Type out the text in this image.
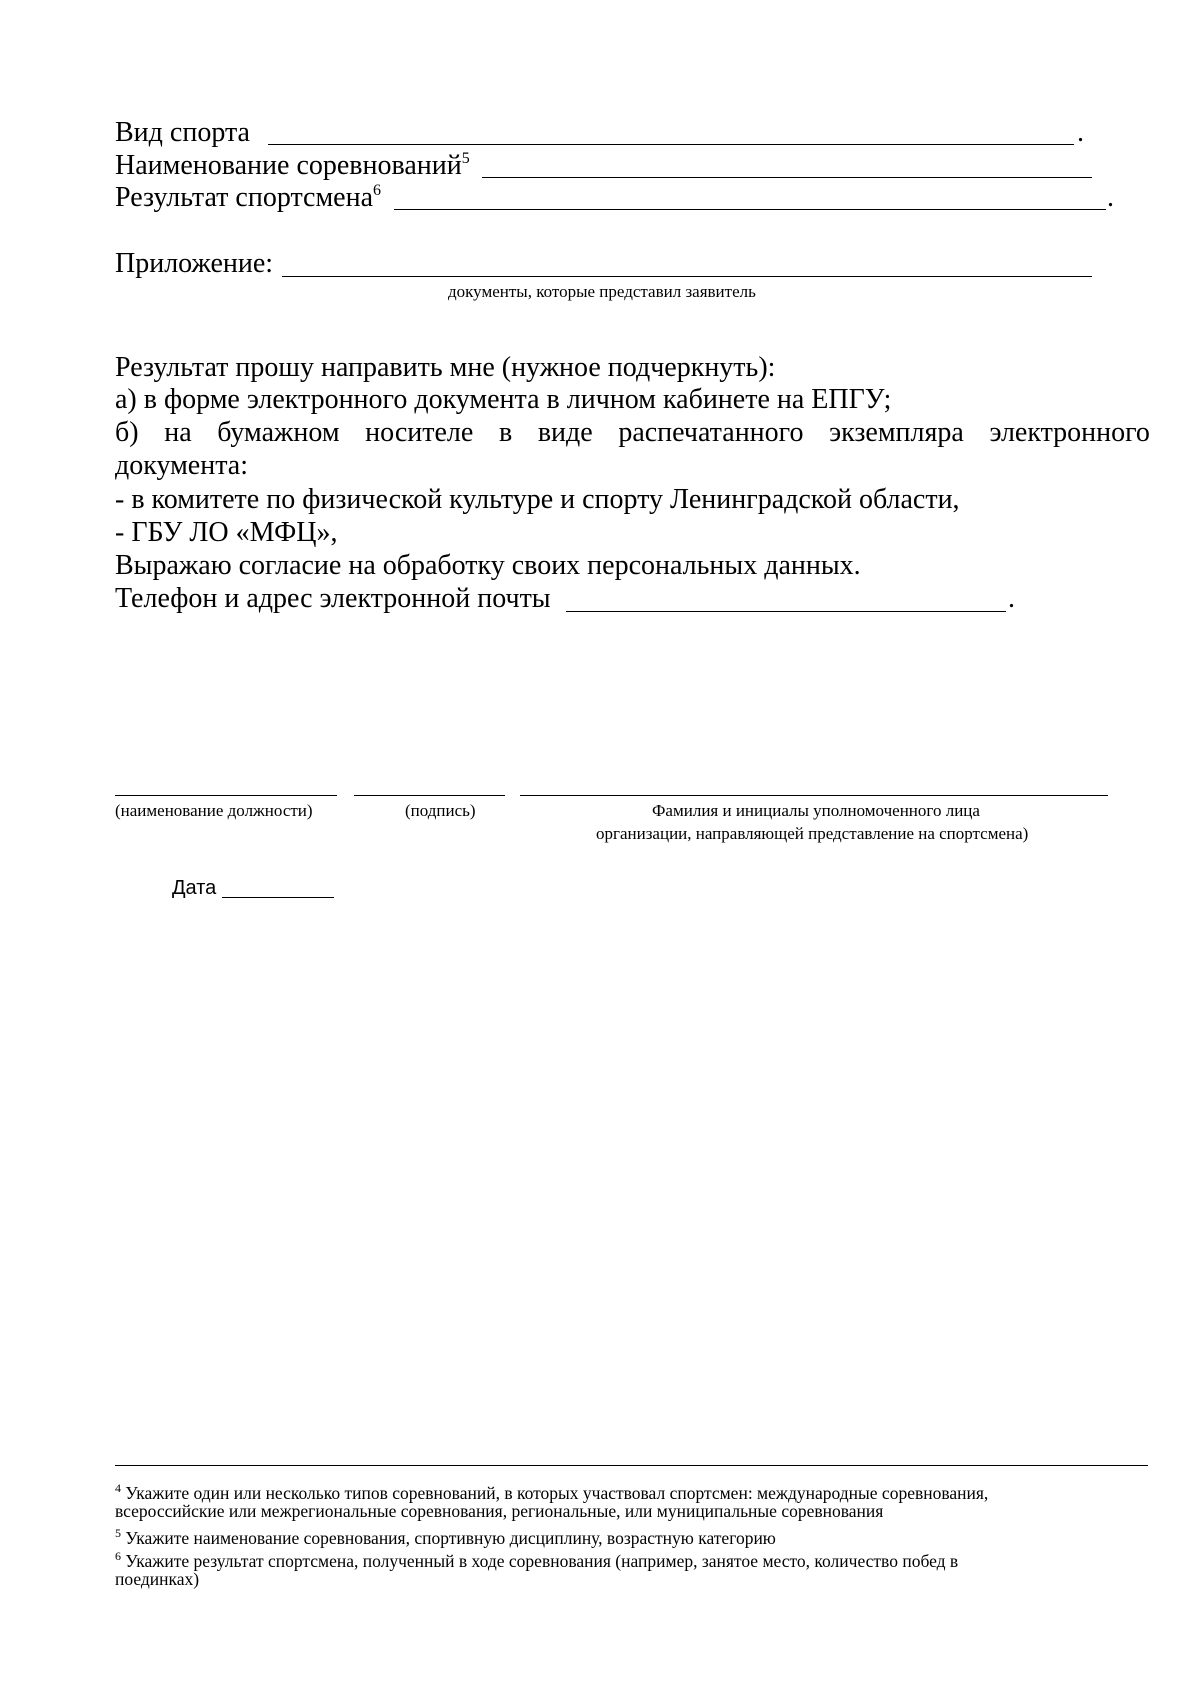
Вид спорта	.
Наименование соревнований$^5$
Результат спортсмена$^6$	.
Приложение:
документы, которые представил заявитель
Результат прошу направить мне (нужное подчеркнуть):
а) в форме электронного документа в личном кабинете на ЕПГУ;
б) на бумажном носителе в виде распечатанного экземпляра электронного
документа:
- в комитете по физической культуре и спорту Ленинградской области,
- ГБУ ЛО «МФЦ»,
Выражаю согласие на обработку своих персональных данных.
Телефон и адрес электронной почты	.
(наименование должности)	(подпись)	Фамилия и инициалы уполномоченного лица
организации, направляющей представление на спортсмена)
Дата
$^4$ Укажите один или несколько типов соревнований, в которых участвовал спортсмен: международные соревнования,
всероссийские или межрегиональные соревнования, региональные, или муниципальные соревнования
$^5$ Укажите наименование соревнования, спортивную дисциплину, возрастную категорию
$^6$ Укажите результат спортсмена, полученный в ходе соревнования (например, занятое место, количество побед в
поединках)
